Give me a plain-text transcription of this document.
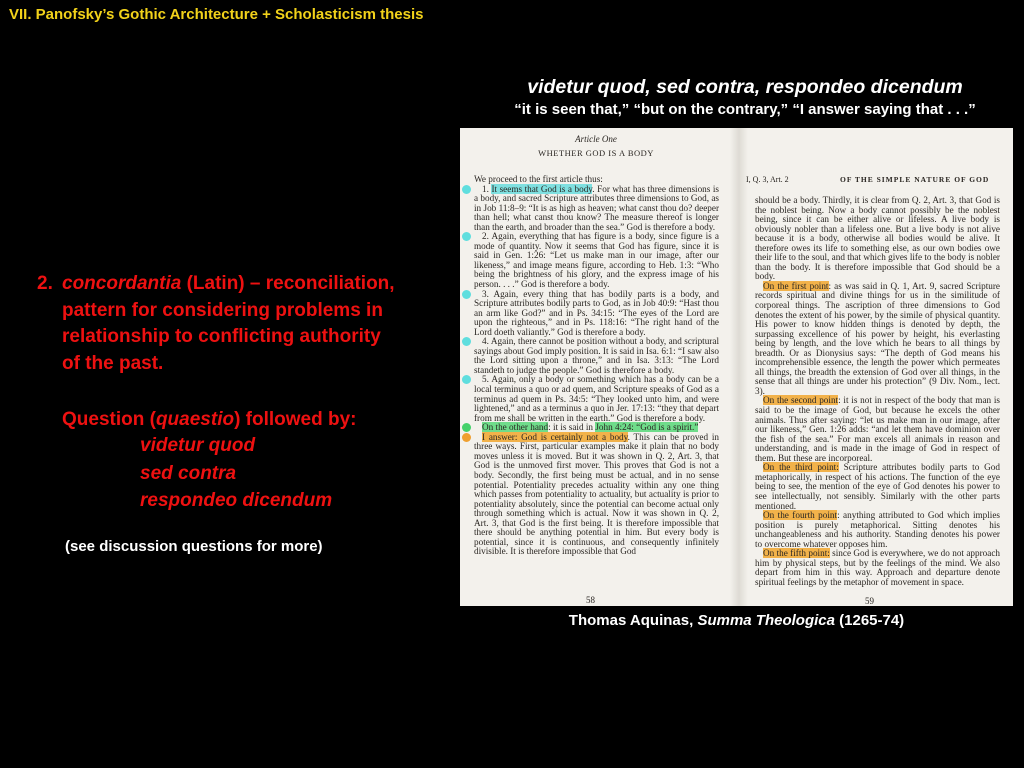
VII. Panofsky’s Gothic Architecture + Scholasticism thesis
videtur quod, sed contra, respondeo dicendum
“it is seen that,” “but on the contrary,” “I answer saying that . . .”
2. concordantia (Latin) – reconciliation,
pattern for considering problems in
relationship to conflicting authority
of the past.
Question (quaestio) followed by:
videtur quod
sed contra
respondeo dicendum
(see discussion questions for more)
Article One
WHETHER GOD IS A BODY

We proceed to the first article thus:

1. It seems that God is a body. For what has three dimensions is a body, and sacred Scripture attributes three dimensions to God, as in Job 11:8–9: “It is as high as heaven; what canst thou do? deeper than hell; what canst thou know? The measure thereof is longer than the earth, and broader than the sea.” God is therefore a body.

2. Again, everything that has figure is a body, since figure is a mode of quantity. Now it seems that God has figure, since it is said in Gen. 1:26: “Let us make man in our image, after our likeness,” and image means figure, according to Heb. 1:3: “Who being the brightness of his glory, and the express image of his person. . . .” God is therefore a body.

3. Again, every thing that has bodily parts is a body, and Scripture attributes bodily parts to God, as in Job 40:9: “Hast thou an arm like God?” and in Ps. 34:15: “The eyes of the Lord are upon the righteous,” and in Ps. 118:16: “The right hand of the Lord doeth valiantly.” God is therefore a body.

4. Again, there cannot be position without a body, and scriptural sayings about God imply position. It is said in Isa. 6:1: “I saw also the Lord sitting upon a throne,” and in Isa. 3:13: “The Lord standeth to judge the people.” God is therefore a body.

5. Again, only a body or something which has a body can be a local terminus a quo or ad quem, and Scripture speaks of God as a terminus ad quem in Ps. 34:5: “They looked unto him, and were lightened,” and as a terminus a quo in Jer. 17:13: “they that depart from me shall be written in the earth.” God is therefore a body.

On the other hand: it is said in John 4:24: “God is a spirit.”

I answer: God is certainly not a body. This can be proved in three ways. First, particular examples make it plain that no body moves unless it is moved. But it was shown in Q. 2, Art. 3, that God is the unmoved first mover. This proves that God is not a body. Secondly, the first being must be actual, and in no sense potential. Potentiality precedes actuality within any one thing which passes from potentiality to actuality, but actuality is prior to potentiality absolutely, since the potential can become actual only through something which is actual. Now it was shown in Q. 2, Art. 3, that God is the first being. It is therefore impossible that there should be anything potential in him. But every body is potential, since it is continuous, and consequently infinitely divisible. It is therefore impossible that God

58
I, Q. 3, Art. 2	OF THE SIMPLE NATURE OF GOD

should be a body. Thirdly, it is clear from Q. 2, Art. 3, that God is the noblest being. Now a body cannot possibly be the noblest being, since it can be either alive or lifeless. A live body is obviously nobler than a lifeless one. But a live body is not alive because it is a body, otherwise all bodies would be alive. It therefore owes its life to something else, as our own bodies owe their life to the soul, and that which gives life to the body is nobler than the body. It is therefore impossible that God should be a body.

On the first point: as was said in Q. 1, Art. 9, sacred Scripture records spiritual and divine things for us in the similitude of corporeal things. The ascription of three dimensions to God denotes the extent of his power, by the simile of physical quantity. His power to know hidden things is denoted by depth, the surpassing excellence of his power by height, his everlasting being by length, and the love which he bears to all things by breadth. Or as Dionysius says: “The depth of God means his incomprehensible essence, the length the power which permeates all things, the breadth the extension of God over all things, in the sense that all things are under his protection” (9 Div. Nom., lect. 3).

On the second point: it is not in respect of the body that man is said to be the image of God, but because he excels the other animals. Thus after saying: “let us make man in our image, after our likeness,” Gen. 1:26 adds: “and let them have dominion over the fish of the sea.” For man excels all animals in reason and understanding, and is made in the image of God in respect of them. But these are incorporeal.

On the third point: Scripture attributes bodily parts to God metaphorically, in respect of his actions. The function of the eye being to see, the mention of the eye of God denotes his power to see intellectually, not sensibly. Similarly with the other parts mentioned.

On the fourth point: anything attributed to God which implies position is purely metaphorical. Sitting denotes his unchangeableness and his authority. Standing denotes his power to overcome whatever opposes him.

On the fifth point: since God is everywhere, we do not approach him by physical steps, but by the feelings of the mind. We also depart from him in this way. Approach and departure denote spiritual feelings by the metaphor of movement in space.

59
Thomas Aquinas, Summa Theologica (1265-74)
